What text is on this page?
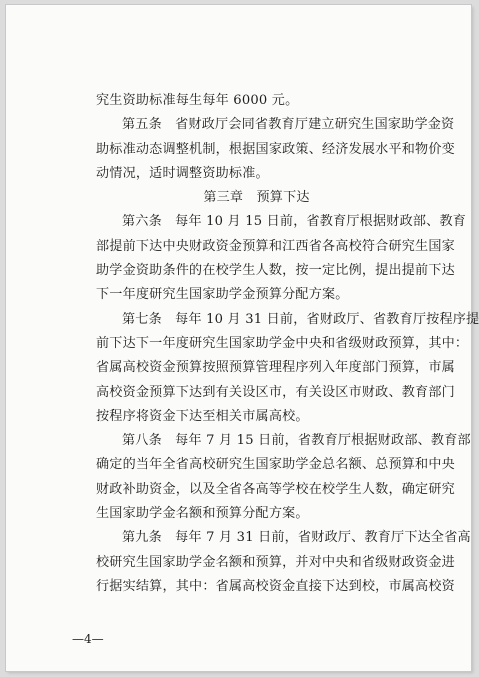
究生资助标准每生每年 6000 元。
第五条　省财政厅会同省教育厅建立研究生国家助学金资
助标准动态调整机制，根据国家政策、经济发展水平和物价变
动情况，适时调整资助标准。
第三章　预算下达
第六条　每年 10 月 15 日前，省教育厅根据财政部、教育
部提前下达中央财政资金预算和江西省各高校符合研究生国家
助学金资助条件的在校学生人数，按一定比例，提出提前下达
下一年度研究生国家助学金预算分配方案。
第七条　每年 10 月 31 日前，省财政厅、省教育厅按程序提
前下达下一年度研究生国家助学金中央和省级财政预算，其中：
省属高校资金预算按照预算管理程序列入年度部门预算，市属
高校资金预算下达到有关设区市，有关设区市财政、教育部门
按程序将资金下达至相关市属高校。
第八条　每年 7 月 15 日前，省教育厅根据财政部、教育部
确定的当年全省高校研究生国家助学金总名额、总预算和中央
财政补助资金，以及全省各高等学校在校学生人数，确定研究
生国家助学金名额和预算分配方案。
第九条　每年 7 月 31 日前，省财政厅、教育厅下达全省高
校研究生国家助学金名额和预算，并对中央和省级财政资金进
行据实结算，其中：省属高校资金直接下达到校，市属高校资
—4—
